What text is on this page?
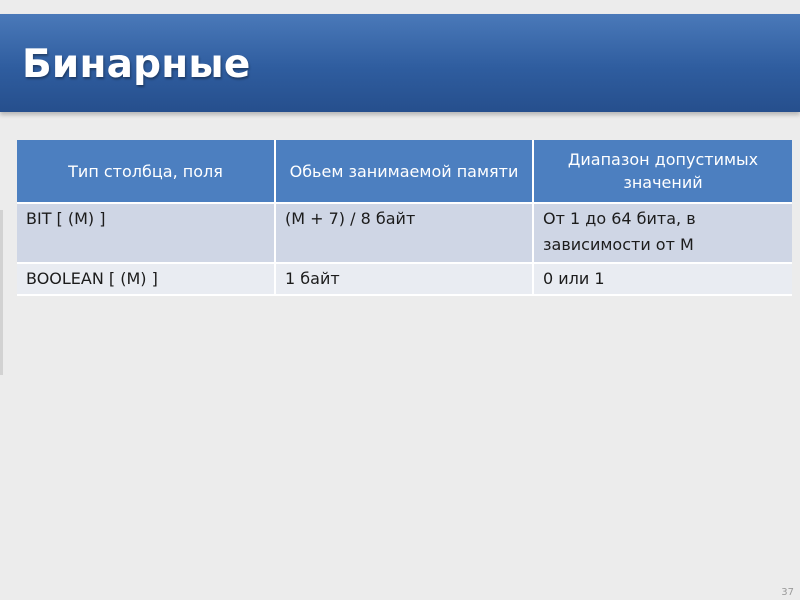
Бинарные
Тип столбца, поля	Обьем занимаемой памяти	Диапазон допустимых значений
BIT [ (M) ]	(M + 7) / 8 байт	От 1 до 64 бита, в зависимости от M
BOOLEAN [ (M) ]	1 байт	0 или 1
37
